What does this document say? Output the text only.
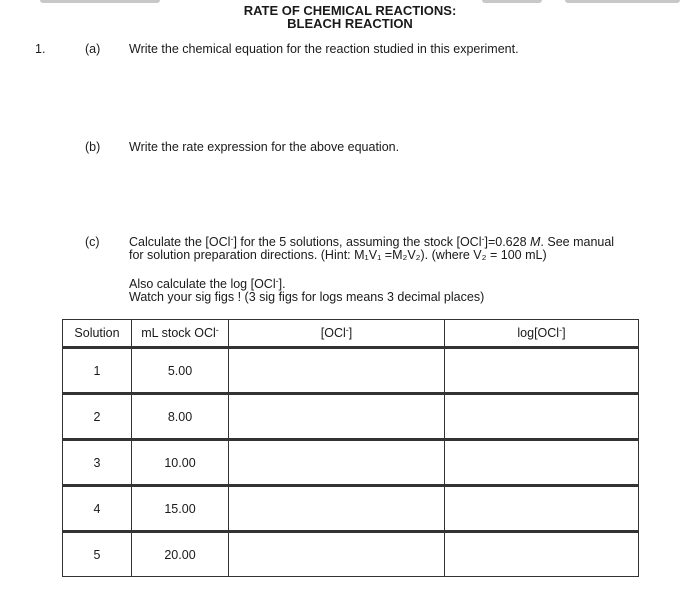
RATE OF CHEMICAL REACTIONS:
BLEACH REACTION
1.	(a) Write the chemical equation for the reaction studied in this experiment.
(b) Write the rate expression for the above equation.
(c) Calculate the [OCl-] for the 5 solutions, assuming the stock [OCl-]=0.628 M. See manual
for solution preparation directions. (Hint: M₁V₁ =M₂V₂). (where V₂ = 100 mL)
Also calculate the log [OCl-].
Watch your sig figs ! (3 sig figs for logs means 3 decimal places)
Solution	mL stock OCl-	[OCl-]	log[OCl-]
1	5.00		
2	8.00		
3	10.00		
4	15.00		
5	20.00		
